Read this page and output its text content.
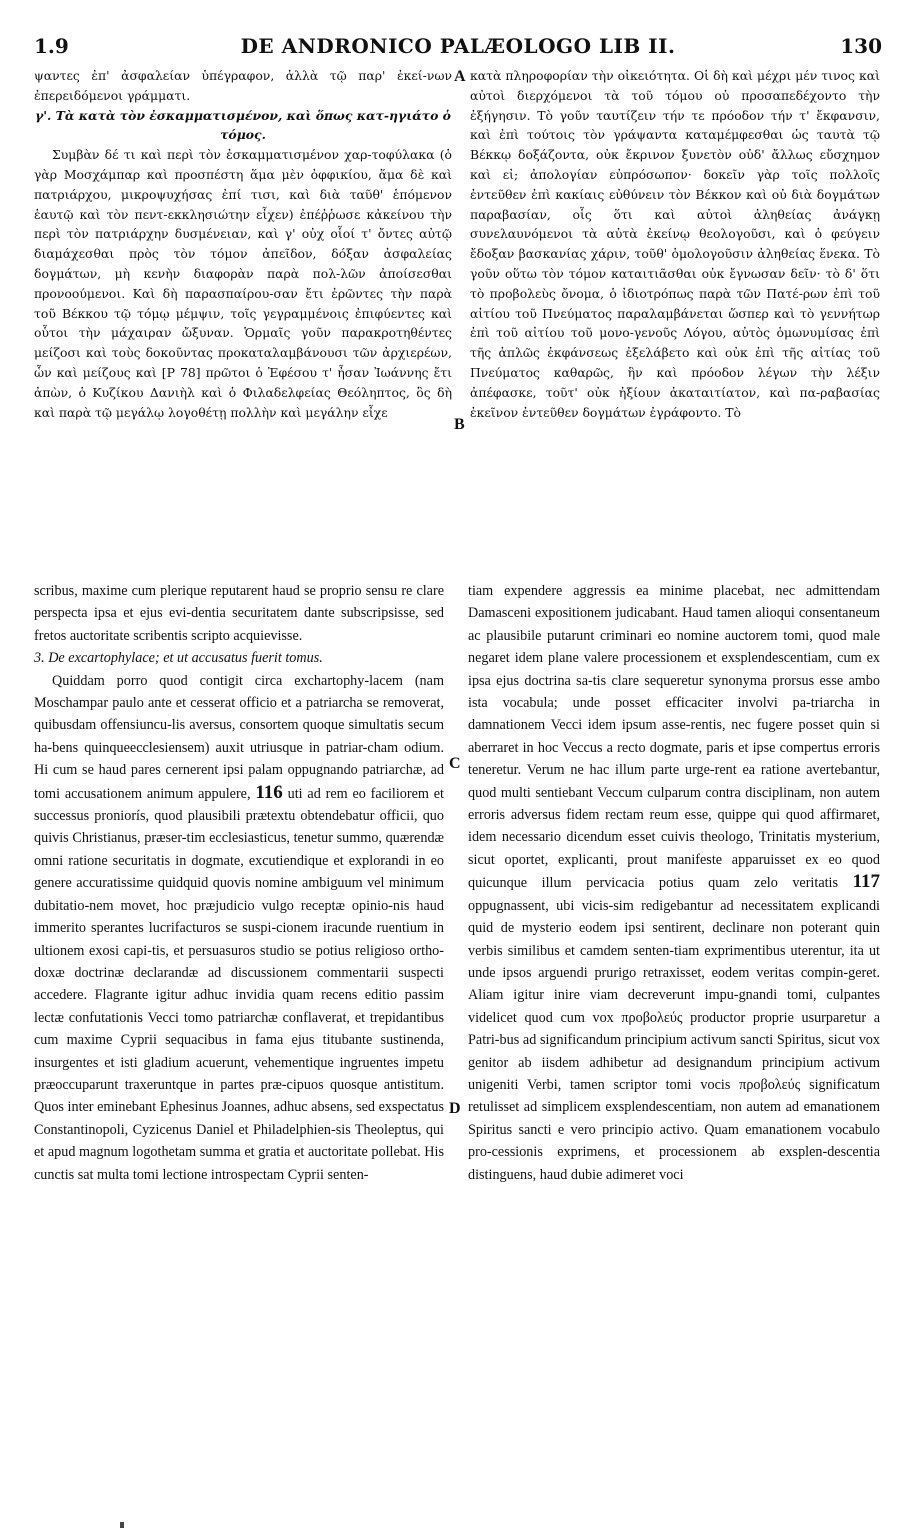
1.9	DE ANDRONICO PALÆOLOGO LIB II.	130

ψαντες ἐπ' ἀσφαλείαν ὑπέγραφον, ἀλλὰ τῷ παρ' ἐκεί-νων ἐπερειδόμενοι γράμματι.

γ'. Τὰ κατὰ τὸν ἐσκαμματισμένον, καὶ ὅπως κατ-ηγιάτο ὁ τόμος.

Συμβὰν δέ τι καὶ περὶ τὸν ἐσκαμματισμένον χαρ-τοφύλακα (ὁ γὰρ Μοσχάμπαρ καὶ προσπέστη ἅμα μὲν ὀφφικίου, ἅμα δὲ καὶ πατριάρχου, μικροψυχήσας ἐπί τισι, καὶ διὰ ταῦθ' ἑπόμενον ἑαυτῷ καὶ τὸν πεντ-εκκλησιώτην εἶχεν) ἐπέῤῥωσε κἀκείνου τὴν περὶ τὸν πατριάρχην δυσμένειαν, καὶ γ' οὐχ οἷοί τ' ὄντες αὐτῷ διαμάχεσθαι πρὸς τὸν τόμον ἀπεῖδον, δόξαν ἀσφαλείας δογμάτων, μὴ κενὴν διαφορὰν παρὰ πολ-λῶν ἀποίσεσθαι προνοούμενοι. Καὶ δὴ παρασπαίρου-σαν ἔτι ἐρῶντες τὴν παρὰ τοῦ Βέκκου τῷ τόμῳ μέμψιν, τοῖς γεγραμμένοις ἐπιφύεντες καὶ οὗτοι τὴν μάχαιραν ὤξυναν. Ὁρμαῖς γοῦν παρακροτηθέντες μείζοσι καὶ τοὺς δοκοῦντας προκαταλαμβάνουσι τῶν ἀρχιερέων, ὧν καὶ μείζους καὶ [P 78] πρῶτοι ὁ Ἐφέσου τ' ἦσαν Ἰωάννης ἔτι ἀπὼν, ὁ Κυζίκου Δανιὴλ καὶ ὁ Φιλαδελφείας Θεόληπτος, ὃς δὴ καὶ παρὰ τῷ μεγάλῳ λογοθέτῃ πολλὴν καὶ μεγάλην εἶχε

κατὰ πληροφορίαν τὴν οἰκειότητα. Οἱ δὴ καὶ μέχρι μέν τινος καὶ αὐτοὶ διερχόμενοι τὰ τοῦ τόμου οὐ προσαπεδέχοντο τὴν ἐξήγησιν. Τὸ γοῦν ταυτίζειν τήν τε πρόοδον τήν τ' ἔκφανσιν, καὶ ἐπὶ τούτοις τὸν γράψαντα καταμέμφεσθαι ὡς ταυτὰ τῷ Βέκκῳ δοξάζοντα, οὐκ ἔκρινον ξυνετὸν οὐδ' ἄλλως εὔσχημον καὶ εἰ; ἀπολογίαν εὐπρόσωπον· δοκεῖν γὰρ τοῖς πολλοῖς ἐντεῦθεν ἐπὶ κακίαις εὐθύνειν τὸν Βέκκον καὶ οὐ διὰ δογμάτων παραβασίαν, οἷς ὅτι καὶ αὐτοὶ ἀληθείας ἀνάγκῃ συνελαυνόμενοι τὰ αὐτὰ ἐκείνῳ θεολογοῦσι, καὶ ὁ φεύγειν ἔδοξαν βασκανίας χάριν, τοῦθ' ὁμολογοῦσιν ἀληθείας ἕνεκα. Τὸ γοῦν οὕτω τὸν τόμον καταιτιᾶσθαι οὐκ ἔγνωσαν δεῖν· τὸ δ' ὅτι τὸ προβολεὺς ὄνομα, ὁ ἰδιοτρόπως παρὰ τῶν Πατέ-ρων ἐπὶ τοῦ αἰτίου τοῦ Πνεύματος παραλαμβάνεται ὥσπερ καὶ τὸ γεννήτωρ ἐπὶ τοῦ αἰτίου τοῦ μονο-γενοῦς Λόγου, αὐτὸς ὁμωνυμίσας ἐπὶ τῆς ἁπλῶς ἐκφάνσεως ἐξελάβετο καὶ οὐκ ἐπὶ τῆς αἰτίας τοῦ Πνεύματος καθαρῶς, ἣν καὶ πρόοδον λέγων τὴν λέξιν ἀπέφασκε, τοῦτ' οὐκ ἠξίουν ἀκαταιτίατον, καὶ πα-ραβασίας ἐκεῖνον ἐντεῦθεν δογμάτων ἐγράφοντο. Τὸ

A
B
C
D

scribus, maxime cum plerique reputarent haud se proprio sensu re clare perspecta ipsa et ejus evi-dentia securitatem dante subscripsisse, sed fretos auctoritate scribentis scripto acquievisse.

3. De excartophylace; et ut accusatus fuerit tomus.

Quiddam porro quod contigit circa exchartophy-lacem (nam Moschampar paulo ante et cesserat officio et a patriarcha se removerat, quibusdam offensiuncu-lis aversus, consortem quoque simultatis secum ha-bens quinqueecclesiensem) auxit utriusque in patriar-cham odium. Hi cum se haud pares cernerent ipsi palam oppugnando patriarchæ, ad tomi accusationem animum appulere, 116 uti ad rem eo faciliorem et successus proniorís, quod plausibili prætextu obtendebatur officii, quo quivis Christianus, præser-tim ecclesiasticus, tenetur summo, quærendæ omni ratione securitatis in dogmate, excutiendique et explorandi in eo genere accuratissime quidquid quovis nomine ambiguum vel minimum dubitatio-nem movet, hoc præjudicio vulgo receptæ opinio-nis haud immerito sperantes lucrifacturos se suspi-cionem iracunde ruentium in ultionem exosi capi-tis, et persuasuros studio se potius religioso ortho-doxæ doctrinæ declarandæ ad discussionem commentarii suspecti accedere. Flagrante igitur adhuc invidia quam recens editio passim lectæ confutationis Vecci tomo patriarchæ conflaverat, et trepidantibus cum maxime Cyprii sequacibus in fama ejus titubante sustinenda, insurgentes et isti gladium acuerunt, vehementique ingruentes impetu præoccuparunt traxeruntque in partes præ-cipuos quosque antistitum. Quos inter eminebant Ephesinus Joannes, adhuc absens, sed exspectatus Constantinopoli, Cyzicenus Daniel et Philadelphien-sis Theoleptus, qui et apud magnum logothetam summa et gratia et auctoritate pollebat. His cunctis sat multa tomi lectione introspectam Cyprii senten-

tiam expendere aggressis ea minime placebat, nec admittendam Damasceni expositionem judicabant. Haud tamen alioqui consentaneum ac plausibile putarunt criminari eo nomine auctorem tomi, quod male negaret idem plane valere processionem et exsplendescentiam, cum ex ipsa ejus doctrina sa-tis clare sequeretur synonyma prorsus esse ambo ista vocabula; unde posset efficaciter involvi pa-triarcha in damnationem Vecci idem ipsum asse-rentis, nec fugere posset quin si aberraret in hoc Veccus a recto dogmate, paris et ipse compertus erroris teneretur. Verum ne hac illum parte urge-rent ea ratione avertebantur, quod multi sentiebant Veccum culparum contra disciplinam, non autem erroris adversus fidem rectam reum esse, quippe qui quod affirmaret, idem necessario dicendum esset cuivis theologo, Trinitatis mysterium, sicut oportet, explicanti, prout manifeste apparuisset ex eo quod quicunque illum pervicacia potius quam zelo veritatis 117 oppugnassent, ubi vicis-sim redigebantur ad necessitatem explicandi quid de mysterio eodem ipsi sentirent, declinare non poterant quin verbis similibus et camdem senten-tiam exprimentibus uterentur, ita ut unde ipsos arguendi prurigo retraxisset, eodem veritas compin-geret. Aliam igitur inire viam decreverunt impu-gnandi tomi, culpantes videlicet quod cum vox προβολεύς productor proprie usurparetur a Patri-bus ad significandum principium activum sancti Spiritus, sicut vox genitor ab iisdem adhibetur ad designandum principium activum unigeniti Verbi, tamen scriptor tomi vocis προβολεύς significatum retulisset ad simplicem exsplendescentiam, non autem ad emanationem Spiritus sancti e vero principio activo. Quam emanationem vocabulo pro-cessionis exprimens, et processionem ab exsplen-descentia distinguens, haud dubie adimeret voci
